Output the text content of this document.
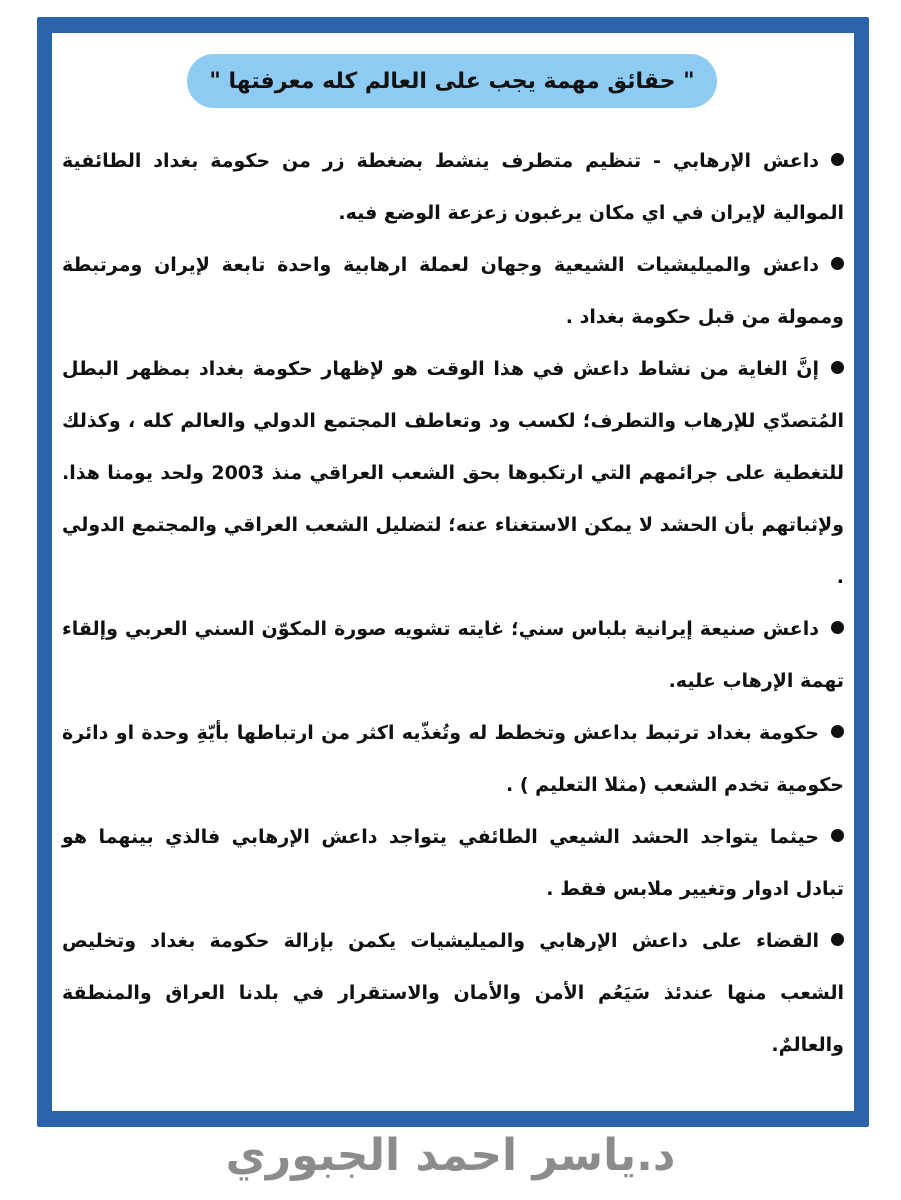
" حقائق مهمة يجب على العالم كله معرفتها "
داعش الإرهابي - تنظيم متطرف ينشط بضغطة زر من حكومة بغداد الطائفية الموالية لإيران في اي مكان يرغبون زعزعة الوضع فيه.
داعش والميليشيات الشيعية وجهان لعملة ارهابية واحدة تابعة لإيران ومرتبطة وممولة من قبل حكومة بغداد .
إنَّ الغاية من نشاط داعش في هذا الوقت هو لإظهار حكومة بغداد بمظهر البطل المُتصدّي للإرهاب والتطرف؛ لكسب ود وتعاطف المجتمع الدولي والعالم كله ، وكذلك للتغطية على جرائمهم التي ارتكبوها بحق الشعب العراقي منذ 2003 ولحد يومنا هذا. ولإثباتهم بأن الحشد لا يمكن الاستغناء عنه؛ لتضليل الشعب العراقي والمجتمع الدولي .
داعش صنيعة إيرانية بلباس سني؛ غايته تشويه صورة المكوّن السني العربي وإلقاء تهمة الإرهاب عليه.
حكومة بغداد ترتبط بداعش وتخطط له وتُغذّيه اكثر من ارتباطها بأيّةِ وحدة او دائرة حكومية تخدم الشعب (مثلا التعليم ) .
حيثما يتواجد الحشد الشيعي الطائفي يتواجد داعش الإرهابي فالذي بينهما هو تبادل ادوار وتغيير ملابس فقط .
القضاء على داعش الإرهابي والميليشيات يكمن بإزالة حكومة بغداد وتخليص الشعب منها عندئذ سَيَعُم الأمن والأمان والاستقرار في بلدنا العراق والمنطقة والعالمٌ.
د.ياسر احمد الجبوري
